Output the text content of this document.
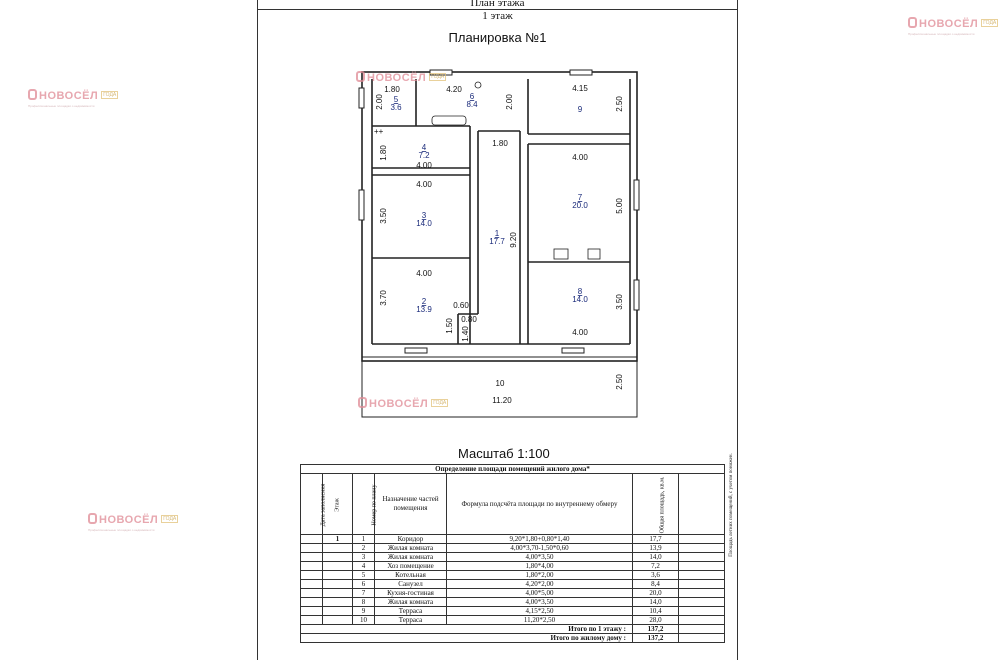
НОВОСЁЛ ГОДА
Профессиональные площадки о недвижимости
НОВОСЁЛ ГОДА
Профессиональные площадки о недвижимости
НОВОСЁЛ ГОДА
Профессиональные площадки о недвижимости
План этажа
1 этаж
Планировка №1
Масштаб 1:100
++
1.80
5
3.6
2.00
4.20
6
8.4	2.00
4.15
9	2.50
4
7.2
1.80
4.00
4.00
3
14.0
3.50
1.80
1
17.7 9.20
4.00
7
20.0	5.00
4.00
3.70	2
13.9	0.60
0.80
1.50
1.40
3.50
8
14.0
4.00
10
11.20
2.50
НОВОСЁЛ ГОДА
НОВОСЁЛ ГОДА
Определение площади помещений жилого дома*						
Дата заполнения	Этаж	Номер по плану	Назначение частей помещения	Формула подсчёта площади по внутреннему обмеру	Общая площадь, кв.м.	Площадь летних помещений, с учетом понижен.
	1	1	Коридор	9,20*1,80+0,80*1,40	17,7	
		2	Жилая комната	4,00*3,70-1,50*0,60	13,9	
		3	Жилая комната	4,00*3,50	14,0	
		4	Хоз помещение	1,80*4,00	7,2	
		5	Котельная	1,80*2,00	3,6	
		6	Санузел	4,20*2,00	8,4	
		7	Кухня-гостиная	4,00*5,00	20,0	
		8	Жилая комната	4,00*3,50	14,0	
		9	Терраса	4,15*2,50	10,4	
		10	Терраса	11,20*2,50	28,0	
Итого по 1 этажу :					137,2	
Итого по жилому дому :					137,2	
